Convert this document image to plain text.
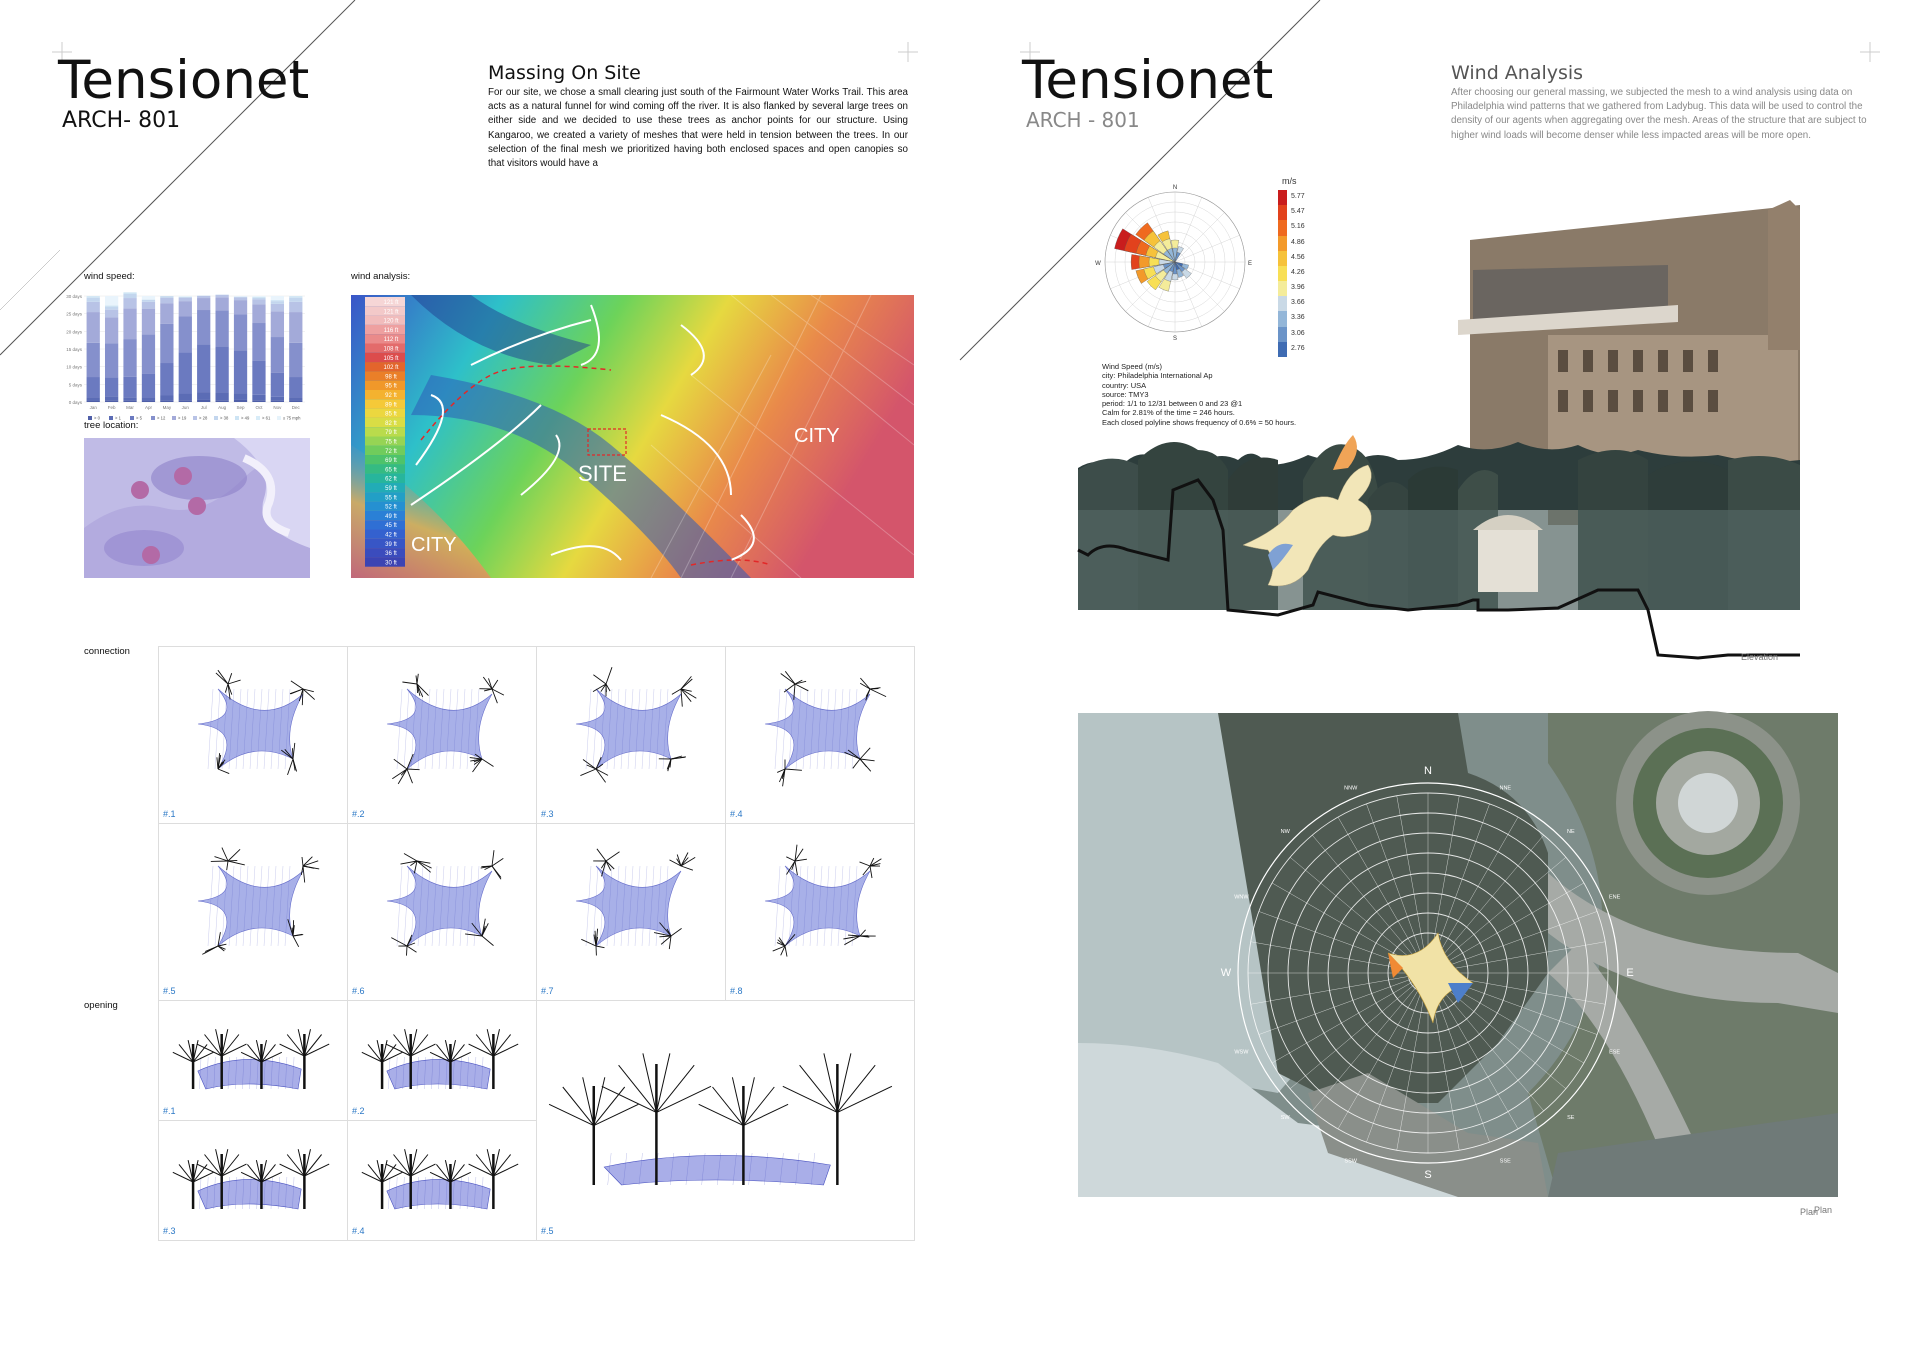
Tensionet
ARCH- 801
Massing On Site
For our site, we chose a small clearing just south of the Fairmount Water Works Trail. This area acts as a natural funnel for wind coming off the river. It is also flanked by several large trees on either side and we decided to use these trees as anchor points for our structure. Using Kangaroo, we created a variety of meshes that were held in tension between the trees. In our selection of the final mesh we prioritized having both enclosed spaces and open canopies so that visitors would have a
wind speed:
30 days
25 days
20 days
15 days
10 days
5 days
0 days
Jan Feb Mar Apr May Jun	Jul	Aug Sep Oct Nov Dec
> 0	> 1	> 5	> 12	> 19	> 28	> 38	> 49	> 61	≥ 75 mph
tree location:
wind analysis:
SITE
CITY
CITY
121 ft
121 ft
120 ft
116 ft
112 ft
108 ft
105 ft
102 ft
98 ft
95 ft
92 ft
89 ft
85 ft
82 ft
79 ft
75 ft
72 ft
69 ft
65 ft
62 ft
59 ft
55 ft
52 ft
49 ft
45 ft
42 ft
39 ft
36 ft
30 ft
connection
opening
#.1	#.2	#.3	#.4
#.5	#.6	#.7	#.8
#.1	#.2
#.3	#.4	#.5
Tensionet
ARCH - 801
Wind Analysis
After choosing our general massing, we subjected the mesh to a wind analysis using data on Philadelphia wind patterns that we gathered from Ladybug. This data will be used to control the density of our agents when aggregating over the mesh. Areas of the structure that are subject to higher wind loads will become denser while less impacted areas will be more open.
N
E
S
W
m/s
5.77
5.47
5.16
4.86
4.56
4.26
3.96
3.66
3.36
3.06
2.76
Wind Speed (m/s)
city: Philadelphia International Ap
country: USA
source: TMY3
period: 1/1 to 12/31 between 0 and 23 @1
Calm for 2.81% of the time = 246 hours.
Each closed polyline shows frequency of 0.6% = 50 hours.
Elevation
N
NNE
NE
ENE
E
ESE
SE
SSE
S
SSW
SW
WSW
W
WNW
NW
NNW
Plan
Plan
